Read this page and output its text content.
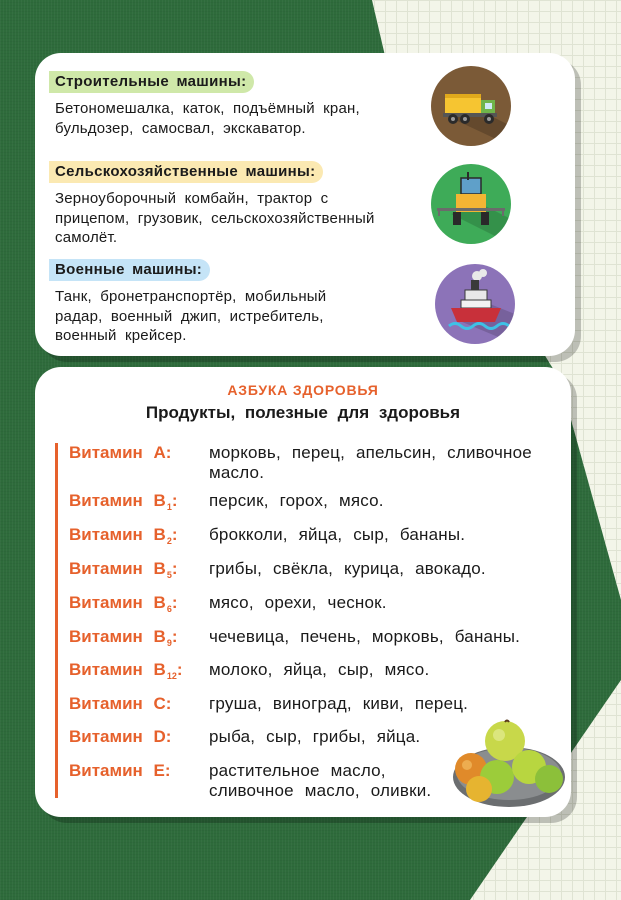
Строительные машины:
Бетономешалка, каток, подъёмный кран, бульдозер, самосвал, экскаватор.
Сельскохозяйственные машины:
Зерноуборочный комбайн, трактор с прицепом, грузовик, сельскохозяйственный самолёт.
Военные машины:
Танк, бронетранспортёр, мобильный радар, военный джип, истребитель, военный крейсер.
АЗБУКА ЗДОРОВЬЯ
Продукты, полезные для здоровья
Витамин A:	морковь, перец, апельсин, сливочное масло.
Витамин $B_1$:	персик, горох, мясо.
Витамин $B_2$:	брокколи, яйца, сыр, бананы.
Витамин $B_5$:	грибы, свёкла, курица, авокадо.
Витамин $B_6$:	мясо, орехи, чеснок.
Витамин $B_9$:	чечевица, печень, морковь, бананы.
Витамин $B_{12}$:	молоко, яйца, сыр, мясо.
Витамин C:	груша, виноград, киви, перец.
Витамин D:	рыба, сыр, грибы, яйца.
Витамин E:	растительное масло, сливочное масло, оливки.
